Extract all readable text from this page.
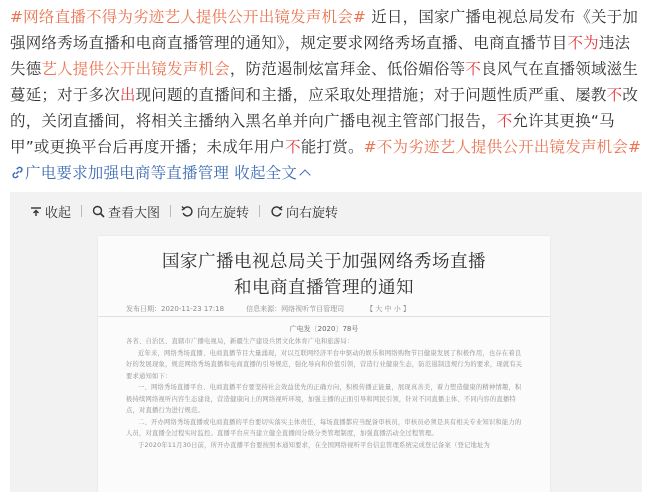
#网络直播不得为劣迹艺人提供公开出镜发声机会# 近日，国家广播电视总局发布《关于加强网络秀场直播和电商直播管理的通知》，规定要求网络秀场直播、电商直播节目不为违法失德艺人提供公开出镜发声机会，防范遏制炫富拜金、低俗媚俗等不良风气在直播领域滋生蔓延；对于多次出现问题的直播间和主播，应采取处理措施；对于问题性质严重、屡教不改的，关闭直播间，将相关主播纳入黑名单并向广播电视主管部门报告，不允许其更换“马甲”或更换平台后再度开播；未成年用户不能打赏。#不为劣迹艺人提供公开出镜发声机会#广电要求加强电商等直播管理 收起全文
收起	查看大图	向左旋转	向右旋转
国家广播电视总局关于加强网络秀场直播
和电商直播管理的通知
发布日期：2020-11-23 17:18	信息来源：网络视听节目管理司	【 大 中 小 】
广电发〔2020〕78号

各省、自治区、直辖市广播电视局，新疆生产建设兵团文化体育广电和旅游局：

近年来，网络秀场直播、电商直播节目大量涌现，对以互联网经济平台中驱动的娱乐和网络购物节目健康发展了积极作用，也存在着良好的发展现象，规范网络秀场直播和电商直播的引导规范，强化导向和价值引领，营造行业健康生态，防范遏制违规行为的要求，现就有关要求通知如下：

一、网络秀场直播平台、电商直播平台要坚持社会效益优先的正确方向，积极传播正能量，展现真善美，着力塑造健康的精神情趣，积极持续网络视听内容生态建设，营造健康向上的网络视听环境，加强主播的正面引导和网民引领，针对不同直播主体、不同内容的直播特点，对直播行为进行规范。

二、开办网络秀场直播或电商直播的平台要切实落实主体责任，每场直播都应当配备审核员，审核员必须是具有相关专业知识和能力的人员，对直播全过程实时监控。直播平台应当建立健全直播间分级分类管理制度，加强直播活动全过程管理。

于2020年11月30日前，所开办直播平台要按照本通知要求，在全国网络视听平台信息管理系统完成登记备案（登记地址为
